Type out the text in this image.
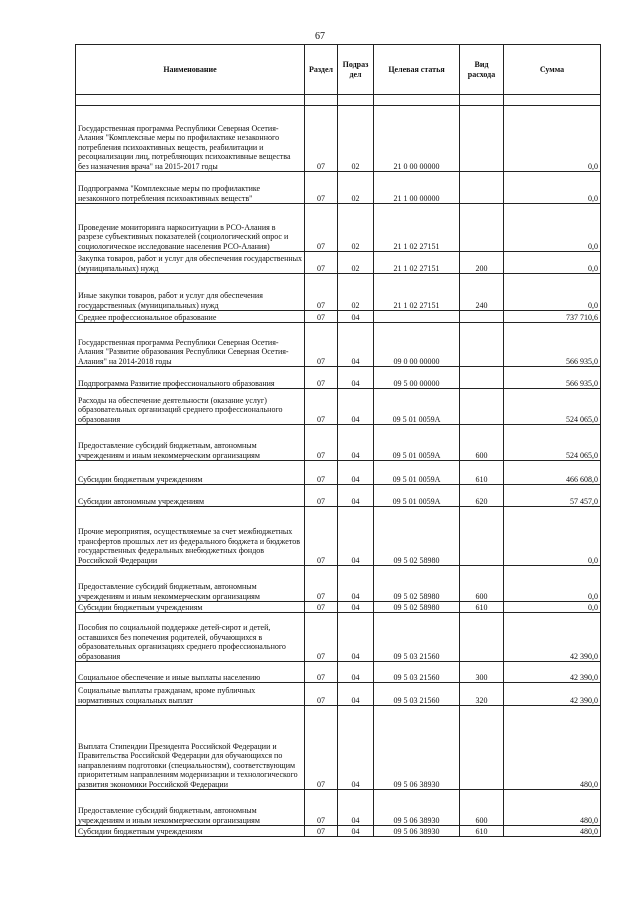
67
Наименование	Раздел	Подраз дел	Целевая статья	Вид расхода	Сумма

Государственная программа Республики Северная Осетия-Алания "Комплексные меры по профилактике незаконного потребления психоактивных веществ, реабилитации и ресоциализации лиц, потребляющих психоактивные вещества без назначения врача" на 2015-2017 годы	07	02	21 0 00 00000		0,0
Подпрограмма "Комплексные меры по профилактике незаконного потребления психоактивных веществ"	07	02	21 1 00 00000		0,0
Проведение мониторинга наркоситуации в РСО-Алания в разрезе субъективных показателей (социологический опрос и социологическое исследование населения РСО-Алания)	07	02	21 1 02 27151		0,0
Закупка товаров, работ и услуг для обеспечения государственных (муниципальных) нужд	07	02	21 1 02 27151	200	0,0
Иные закупки товаров, работ и услуг для обеспечения государственных (муниципальных) нужд	07	02	21 1 02 27151	240	0,0
Среднее профессиональное образование	07	04			737 710,6
Государственная программа Республики Северная Осетия-Алания "Развитие образования Республики Северная Осетия-Алания" на 2014-2018 годы	07	04	09 0 00 00000		566 935,0
Подпрограмма Развитие профессионального образования	07	04	09 5 00 00000		566 935,0
Расходы на обеспечение деятельности (оказание услуг) образовательных организаций среднего профессионального образования	07	04	09 5 01 0059А		524 065,0
Предоставление субсидий бюджетным, автономным учреждениям и иным некоммерческим организациям	07	04	09 5 01 0059А	600	524 065,0
Субсидии бюджетным учреждениям	07	04	09 5 01 0059А	610	466 608,0
Субсидии автономным учреждениям	07	04	09 5 01 0059А	620	57 457,0
Прочие мероприятия, осуществляемые за счет межбюджетных трансфертов прошлых лет из федерального бюджета и бюджетов государственных федеральных внебюджетных фондов Российской Федерации	07	04	09 5 02 58980		0,0
Предоставление субсидий бюджетным, автономным учреждениям и иным некоммерческим организациям	07	04	09 5 02 58980	600	0,0
Субсидии бюджетным учреждениям	07	04	09 5 02 58980	610	0,0
Пособия по социальной поддержке детей-сирот и детей, оставшихся без попечения родителей, обучающихся в образовательных организациях среднего профессионального образования	07	04	09 5 03 21560		42 390,0
Социальное обеспечение и иные выплаты населению	07	04	09 5 03 21560	300	42 390,0
Социальные выплаты гражданам, кроме публичных нормативных социальных выплат	07	04	09 5 03 21560	320	42 390,0
Выплата Стипендии Президента Российской Федерации и Правительства Российской Федерации для обучающихся по направлениям подготовки (специальностям), соответствующим приоритетным направлениям модернизации и технологического развития экономики Российской Федерации	07	04	09 5 06 38930		480,0
Предоставление субсидий бюджетным, автономным учреждениям и иным некоммерческим организациям	07	04	09 5 06 38930	600	480,0
Субсидии бюджетным учреждениям	07	04	09 5 06 38930	610	480,0
